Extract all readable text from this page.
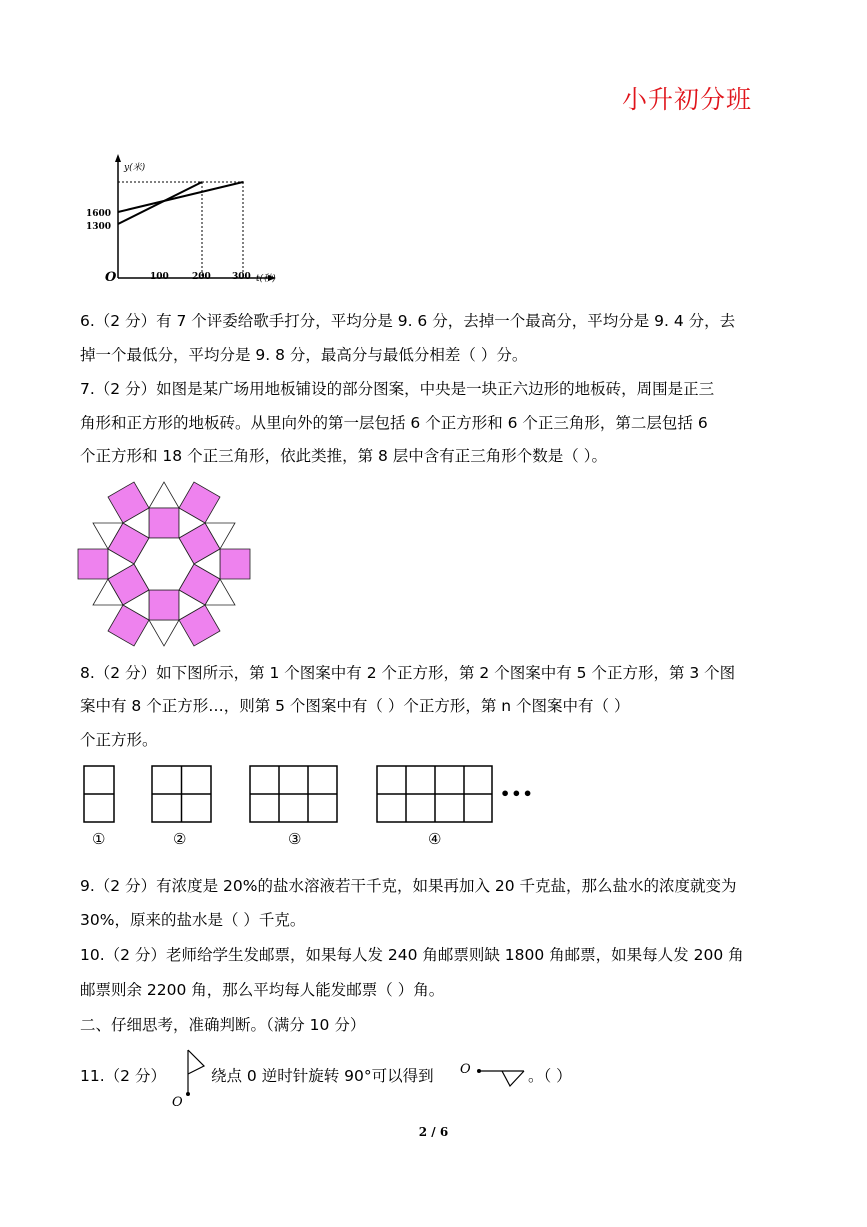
小升初分班
y(米)
1600
1300
O	100	200 300 t(秒)
6.（2 分）有 7 个评委给歌手打分，平均分是 9. 6 分，去掉一个最高分，平均分是 9. 4 分，去
掉一个最低分，平均分是 9. 8 分，最高分与最低分相差（ ）分。
7.（2 分）如图是某广场用地板铺设的部分图案，中央是一块正六边形的地板砖，周围是正三
角形和正方形的地板砖。从里向外的第一层包括 6 个正方形和 6 个正三角形，第二层包括 6
个正方形和 18 个正三角形，依此类推，第 8 层中含有正三角形个数是（ ）。
8.（2 分）如下图所示，第 1 个图案中有 2 个正方形，第 2 个图案中有 5 个正方形，第 3 个图
案中有 8 个正方形…，则第 5 个图案中有（ ）个正方形，第 n 个图案中有（ ）
个正方形。
①	②	③	④
•••
9.（2 分）有浓度是 20%的盐水溶液若干千克，如果再加入 20 千克盐，那么盐水的浓度就变为
30%，原来的盐水是（ ）千克。
10.（2 分）老师给学生发邮票，如果每人发 240 角邮票则缺 1800 角邮票，如果每人发 200 角
邮票则余 2200 角，那么平均每人能发邮票（ ）角。
二、仔细思考，准确判断。（满分 10 分）
11.（2 分）
O
绕点 0 逆时针旋转 90°可以得到 O	。（ ）
2 / 6
